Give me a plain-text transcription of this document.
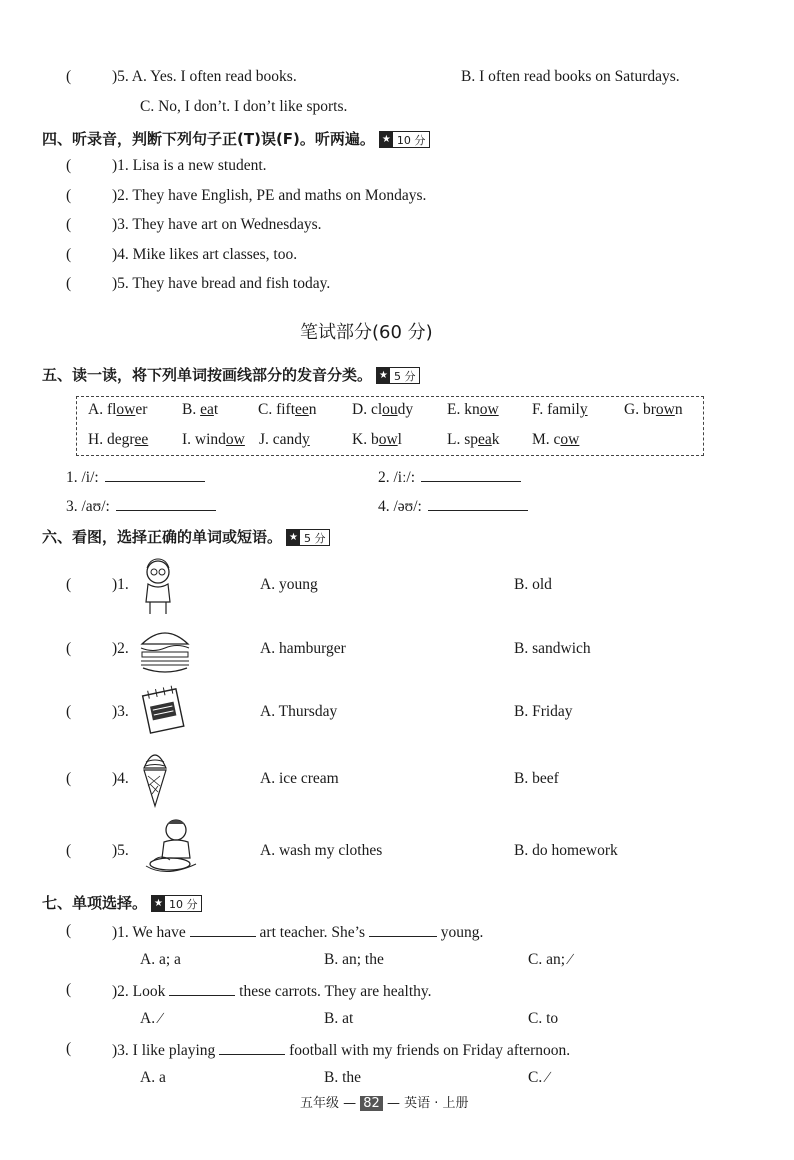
(	)5. A. Yes. I often read books.	B. I often read books on Saturdays.
C. No, I don’t. I don’t like sports.
四、听录音，判断下列句子正(T)误(F)。听两遍。 ★ 10 分
(	)1. Lisa is a new student.
(	)2. They have English, PE and maths on Mondays.
(	)3. They have art on Wednesdays.
(	)4. Mike likes art classes, too.
(	)5. They have bread and fish today.
笔试部分(60 分)
五、读一读，将下列单词按画线部分的发音分类。 ★ 5 分
A. flower B. eat	C. fifteen D. cloudy E. know F. family G. brown
H. degree I. window J. candy	K. bowl	L. speak M. cow
1. /i/:	2. /iː/:
3. /aʊ/:	4. /əʊ/:
六、看图，选择正确的单词或短语。 ★ 5 分
(	)1.	A. young	B. old
(	)2.	A. hamburger	B. sandwich
(	)3.	A. Thursday	B. Friday
(	)4.	A. ice cream	B. beef
(	)5.	A. wash my clothes	B. do homework
七、单项选择。 ★ 10 分
(	)1. We have	art teacher. She’s	young.
A. a; a	B. an; the	C. an; ∕
(	)2. Look	these carrots. They are healthy.
A. ∕	B. at	C. to
(	)3. I like playing	football with my friends on Friday afternoon.
A. a	B. the	C. ∕
五年级 — 82 — 英语 · 上册
